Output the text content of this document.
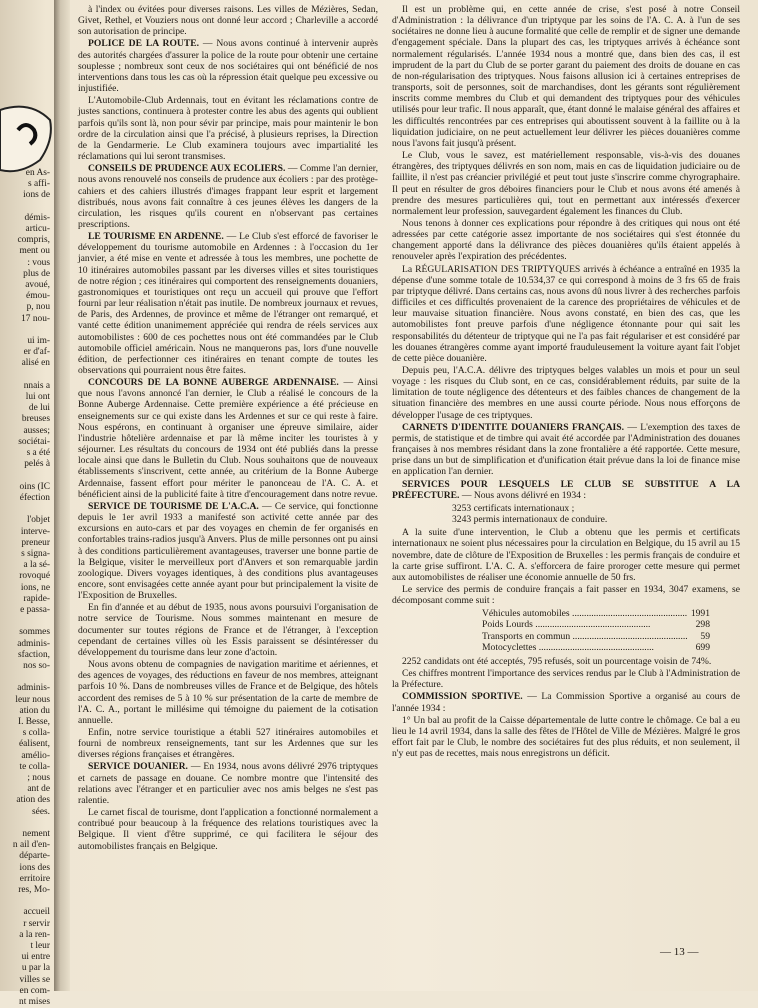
en As-
s affi-
ions de

démis-
articu-
compris,
ment ou
: vous
plus de
avoué,
émou-
p, nou
17 nou-

ui im-
er d'af-
alisé en

nnais a
lui ont
de lui
breuses
ausses;
sociétai-
s a été
pelés à

oins (IC
éfection

l'objet
interve-
preneur
s signa-
a la sé-
rovoqué
ions, ne
rapide-
e passa-

sommes
adminis-
sfaction,
nos so-

adminis-
leur nous
ation du
I. Besse,
s colla-
éalisent,
amélio-
te colla-
; nous
ant de
ation des
sées.

nement
n ail d'en-
départe-
ions des
erritoire
res, Mo-

accueil
r servir
a la ren-
t leur
ui entre
u par la
villes se
en com-
nt mises

à l'index ou évitées pour diverses raisons. Les villes de Mézières, Sedan, Givet, Rethel, et Vouziers nous ont donné leur accord ; Charleville a accordé son autorisation de principe.

POLICE DE LA ROUTE. — Nous avons continué à intervenir auprès des autorités chargées d'assurer la police de la route pour obtenir une certaine souplesse ; nombreux sont ceux de nos sociétaires qui ont bénéficié de nos interventions dans tous les cas où la répression était quelque peu excessive ou injustifiée.

L'Automobile-Club Ardennais, tout en évitant les réclamations contre de justes sanctions, continuera à protester contre les abus des agents qui oublient parfois qu'ils sont là, non pour sévir par principe, mais pour maintenir le bon ordre de la circulation ainsi que l'a précisé, à plusieurs reprises, la Direction de la Gendarmerie. Le Club examinera toujours avec impartialité les réclamations qui lui seront transmises.

CONSEILS DE PRUDENCE AUX ECOLIERS. — Comme l'an dernier, nous avons renouvelé nos conseils de prudence aux écoliers : par des protège-cahiers et des cahiers illustrés d'images frappant leur esprit et largement distribués, nous avons fait connaître à ces jeunes élèves les dangers de la circulation, les risques qu'ils courent en n'observant pas certaines prescriptions.

LE TOURISME EN ARDENNE. — Le Club s'est efforcé de favoriser le développement du tourisme automobile en Ardennes : à l'occasion du 1er janvier, a été mise en vente et adressée à tous les membres, une pochette de 10 itinéraires automobiles passant par les diverses villes et sites touristiques de notre région ; ces itinéraires qui comportent des renseignements douaniers, gastronomiques et touristiques ont reçu un accueil qui prouve que l'effort fourni par leur réalisation n'était pas inutile. De nombreux journaux et revues, de Paris, des Ardennes, de province et même de l'étranger ont remarqué, et vanté cette édition unanimement appréciée qui rendra de réels services aux automobilistes : 600 de ces pochettes nous ont été commandées par le Club automobile officiel américain. Nous ne manquerons pas, lors d'une nouvelle édition, de perfectionner ces itinéraires en tenant compte de toutes les observations qui pourraient nous être faites.

CONCOURS DE LA BONNE AUBERGE ARDENNAISE. — Ainsi que nous l'avons annoncé l'an dernier, le Club a réalisé le concours de la Bonne Auberge Ardennaise. Cette première expérience a été précieuse en enseignements sur ce qui existe dans les Ardennes et sur ce qui reste à faire. Nous espérons, en continuant à organiser une épreuve similaire, aider l'industrie hôtelière ardennaise et par là même inciter les touristes à y séjourner. Les résultats du concours de 1934 ont été publiés dans la presse locale ainsi que dans le Bulletin du Club. Nous souhaitons que de nouveaux établissements s'inscrivent, cette année, au critérium de la Bonne Auberge Ardennaise, fassent effort pour mériter le panonceau de l'A. C. A. et bénéficient ainsi de la publicité faite à titre d'encouragement dans notre revue.

SERVICE DE TOURISME DE L'A.C.A. — Ce service, qui fonctionne depuis le 1er avril 1933 a manifesté son activité cette année par des excursions en auto-cars et par des voyages en chemin de fer organisés en confortables trains-radios jusqu'à Anvers. Plus de mille personnes ont pu ainsi à des conditions particulièrement avantageuses, traverser une bonne partie de la Belgique, visiter le merveilleux port d'Anvers et son remarquable jardin zoologique. Divers voyages identiques, à des conditions plus avantageuses encore, sont envisagées cette année ayant pour but principalement la visite de l'Exposition de Bruxelles.

En fin d'année et au début de 1935, nous avons poursuivi l'organisation de notre service de Tourisme. Nous sommes maintenant en mesure de documenter sur toutes régions de France et de l'étranger, à l'exception cependant de certaines villes où les Essis paraissent se désintéresser du développement du tourisme dans leur zone d'actoin.

Nous avons obtenu de compagnies de navigation maritime et aériennes, et des agences de voyages, des réductions en faveur de nos membres, atteignant parfois 10 %. Dans de nombreuses villes de France et de Belgique, des hôtels accordent des remises de 5 à 10 % sur présentation de la carte de membre de l'A. C. A., portant le millésime qui témoigne du paiement de la cotisation annuelle.

Enfin, notre service touristique a établi 527 itinéraires automobiles et fourni de nombreux renseignements, tant sur les Ardennes que sur les diverses régions françaises et étrangères.

SERVICE DOUANIER. — En 1934, nous avons délivré 2976 triptyques et carnets de passage en douane. Ce nombre montre que l'intensité des relations avec l'étranger et en particulier avec nos amis belges ne s'est pas ralentie.

Le carnet fiscal de tourisme, dont l'application a fonctionné normalement a contribué pour beaucoup à la fréquence des relations touristiques avec la Belgique. Il vient d'être supprimé, ce qui facilitera le séjour des automobilistes français en Belgique.

Il est un problème qui, en cette année de crise, s'est posé à notre Conseil d'Administration : la délivrance d'un triptyque par les soins de l'A. C. A. à l'un de ses sociétaires ne donne lieu à aucune formalité que celle de remplir et de signer une demande d'engagement spéciale. Dans la plupart des cas, les triptyques arrivés à échéance sont normalement régularisés. L'année 1934 nous a montré que, dans bien des cas, il est imprudent de la part du Club de se porter garant du paiement des droits de douane en cas de non-régularisation des triptyques. Nous faisons allusion ici à certaines entreprises de transports, soit de personnes, soit de marchandises, dont les gérants sont régulièrement inscrits comme membres du Club et qui demandent des triptyques pour des véhicules utilisés pour leur trafic. Il nous apparaît, que, étant donné le malaise général des affaires et les difficultés rencontrées par ces entreprises qui aboutissent souvent à la faillite ou à la liquidation judiciaire, on ne peut actuellement leur délivrer les pièces douanières comme nous l'avons fait jusqu'à présent.

Le Club, vous le savez, est matériellement responsable, vis-à-vis des douanes étrangères, des triptyques délivrés en son nom, mais en cas de liquidation judiciaire ou de faillite, il n'est pas créancier privilégié et peut tout juste s'inscrire comme chyrographaire. Il peut en résulter de gros déboires financiers pour le Club et nous avons été amenés à prendre des mesures particulières qui, tout en permettant aux intéressés d'exercer normalement leur profession, sauvegardent également les finances du Club.

Nous tenons à donner ces explications pour répondre à des critiques qui nous ont été adressées par cette catégorie assez importante de nos sociétaires qui s'est étonnée du changement apporté dans la délivrance des pièces douanières qu'ils étaient appelés à renouveler après l'expiration des précédentes.

La RÉGULARISATION DES TRIPTYQUES arrivés à échéance a entraîné en 1935 la dépense d'une somme totale de 10.534,37 ce qui correspond à moins de 3 frs 65 de frais par triptyque délivré. Dans certains cas, nous avons dû nous livrer à des recherches parfois difficiles et ces difficultés provenaient de la carence des propriétaires de véhicules et de leur mauvaise situation financière. Nous avons constaté, en bien des cas, que les automobilistes font preuve parfois d'une négligence étonnante pour qui sait les responsabilités du détenteur de triptyque qui ne l'a pas fait régulariser et est considéré par les douanes étrangères comme ayant importé frauduleusement la voiture ayant fait l'objet de cette pièce douanière.

Depuis peu, l'A.C.A. délivre des triptyques belges valables un mois et pour un seul voyage : les risques du Club sont, en ce cas, considérablement réduits, par suite de la limitation de toute négligence des détenteurs et des faibles chances de changement de la situation financière des membres en une aussi courte période. Nous nous efforçons de développer l'usage de ces triptyques.

CARNETS D'IDENTITE DOUANIERS FRANÇAIS. — L'exemption des taxes de permis, de statistique et de timbre qui avait été accordée par l'Administration des douanes françaises à nos membres résidant dans la zone frontalière a été rapportée. Cette mesure, prise dans un but de simplification et d'unification était prévue dans la loi de finance mise en application l'an dernier.

SERVICES POUR LESQUELS LE CLUB SE SUBSTITUE A LA PRÉFECTURE. — Nous avons délivré en 1934 :

3253 certificats internationaux ;
3243 permis internationaux de conduire.

A la suite d'une intervention, le Club a obtenu que les permis et certificats internationaux ne soient plus nécessaires pour la circulation en Belgique, du 15 avril au 15 novembre, date de clôture de l'Exposition de Bruxelles : les permis français de conduire et la carte grise suffiront. L'A. C. A. s'efforcera de faire proroger cette mesure qui permet aux automobilistes de réaliser une économie annuelle de 50 frs.

Le service des permis de conduire français a fait passer en 1934, 3047 examens, se décomposant comme suit :

Véhicules automobiles .....	1991
Poids Lourds .....	298
Transports en commun .....	59
Motocyclettes .....	699

2252 candidats ont été acceptés, 795 refusés, soit un pourcentage voisin de 74%.

Ces chiffres montrent l'importance des services rendus par le Club à l'Administration de la Préfecture.

COMMISSION SPORTIVE. — La Commission Sportive a organisé au cours de l'année 1934 :

1° Un bal au profit de la Caisse départementale de lutte contre le chômage. Ce bal a eu lieu le 14 avril 1934, dans la salle des fêtes de l'Hôtel de Ville de Mézières. Malgré le gros effort fait par le Club, le nombre des sociétaires fut des plus réduits, et non seulement, il n'y eut pas de recettes, mais nous enregistrons un déficit.

— 13 —
